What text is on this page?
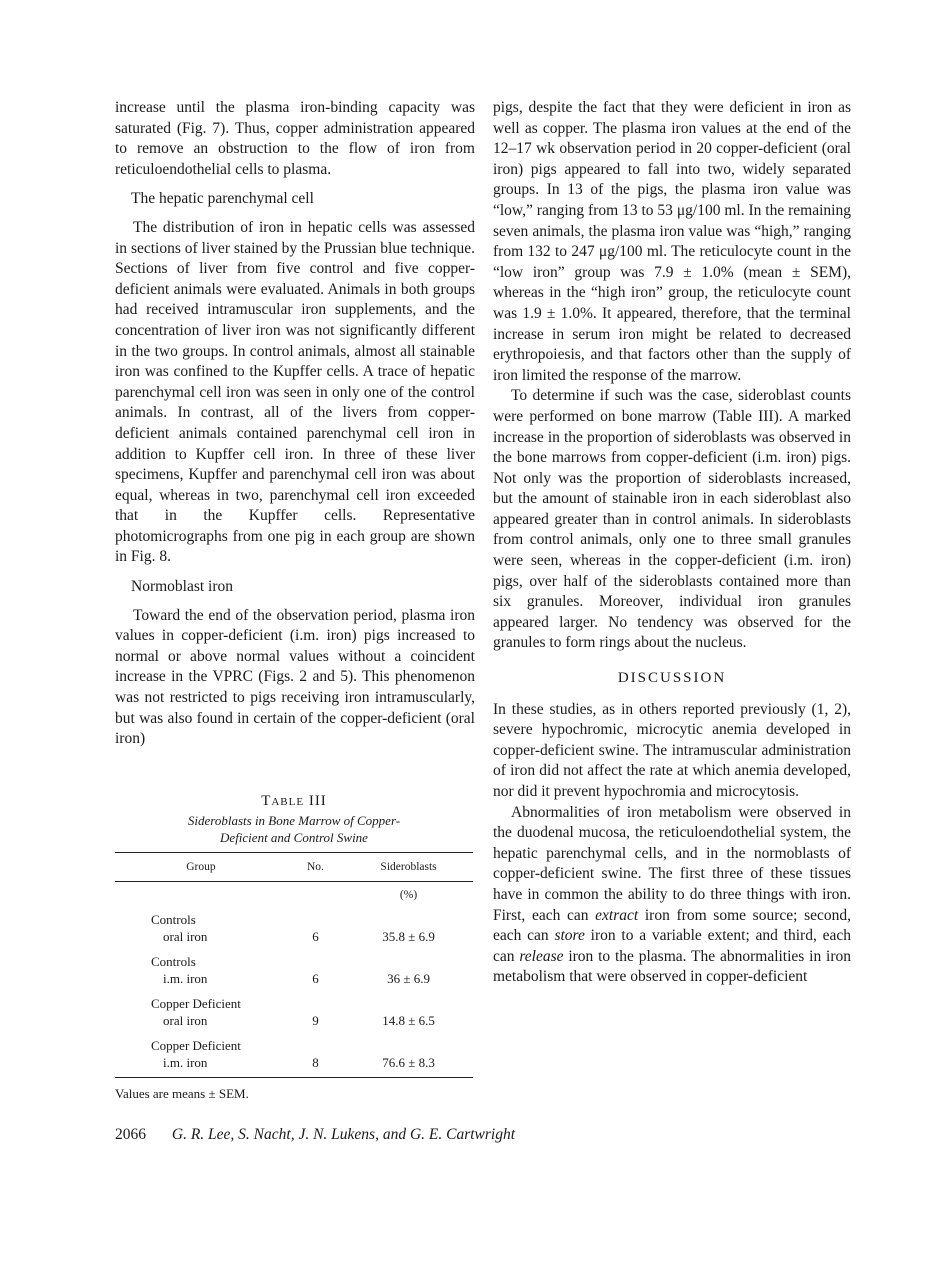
increase until the plasma iron-binding capacity was saturated (Fig. 7). Thus, copper administration appeared to remove an obstruction to the flow of iron from reticuloendothelial cells to plasma.

The hepatic parenchymal cell

The distribution of iron in hepatic cells was assessed in sections of liver stained by the Prussian blue technique. Sections of liver from five control and five copper-deficient animals were evaluated. Animals in both groups had received intramuscular iron supplements, and the concentration of liver iron was not significantly different in the two groups. In control animals, almost all stainable iron was confined to the Kupffer cells. A trace of hepatic parenchymal cell iron was seen in only one of the control animals. In contrast, all of the livers from copper-deficient animals contained parenchymal cell iron in addition to Kupffer cell iron. In three of these liver specimens, Kupffer and parenchymal cell iron was about equal, whereas in two, parenchymal cell iron exceeded that in the Kupffer cells. Representative photomicrographs from one pig in each group are shown in Fig. 8.

Normoblast iron

Toward the end of the observation period, plasma iron values in copper-deficient (i.m. iron) pigs increased to normal or above normal values without a coincident increase in the VPRC (Figs. 2 and 5). This phenomenon was not restricted to pigs receiving iron intramuscularly, but was also found in certain of the copper-deficient (oral iron)

pigs, despite the fact that they were deficient in iron as well as copper. The plasma iron values at the end of the 12–17 wk observation period in 20 copper-deficient (oral iron) pigs appeared to fall into two, widely separated groups. In 13 of the pigs, the plasma iron value was “low,” ranging from 13 to 53 μg/100 ml. In the remaining seven animals, the plasma iron value was “high,” ranging from 132 to 247 μg/100 ml. The reticulocyte count in the “low iron” group was 7.9 ± 1.0% (mean ± SEM), whereas in the “high iron” group, the reticulocyte count was 1.9 ± 1.0%. It appeared, therefore, that the terminal increase in serum iron might be related to decreased erythropoiesis, and that factors other than the supply of iron limited the response of the marrow.

To determine if such was the case, sideroblast counts were performed on bone marrow (Table III). A marked increase in the proportion of sideroblasts was observed in the bone marrows from copper-deficient (i.m. iron) pigs. Not only was the proportion of sideroblasts increased, but the amount of stainable iron in each sideroblast also appeared greater than in control animals. In sideroblasts from control animals, only one to three small granules were seen, whereas in the copper-deficient (i.m. iron) pigs, over half of the sideroblasts contained more than six granules. Moreover, individual iron granules appeared larger. No tendency was observed for the granules to form rings about the nucleus.

DISCUSSION

In these studies, as in others reported previously (1, 2), severe hypochromic, microcytic anemia developed in copper-deficient swine. The intramuscular administration of iron did not affect the rate at which anemia developed, nor did it prevent hypochromia and microcytosis.

Abnormalities of iron metabolism were observed in the duodenal mucosa, the reticuloendothelial system, the hepatic parenchymal cells, and in the normoblasts of copper-deficient swine. The first three of these tissues have in common the ability to do three things with iron. First, each can extract iron from some source; second, each can store iron to a variable extent; and third, each can release iron to the plasma. The abnormalities in iron metabolism that were observed in copper-deficient

Table III
Sideroblasts in Bone Marrow of Copper-
Deficient and Control Swine
Group	No.	Sideroblasts
		(%)
Controls
oral iron	6	35.8 ± 6.9
Controls
i.m. iron	6	36 ± 6.9
Copper Deficient
oral iron	9	14.8 ± 6.5
Copper Deficient
i.m. iron	8	76.6 ± 8.3
Values are means ± SEM.
2066 G. R. Lee, S. Nacht, J. N. Lukens, and G. E. Cartwright
